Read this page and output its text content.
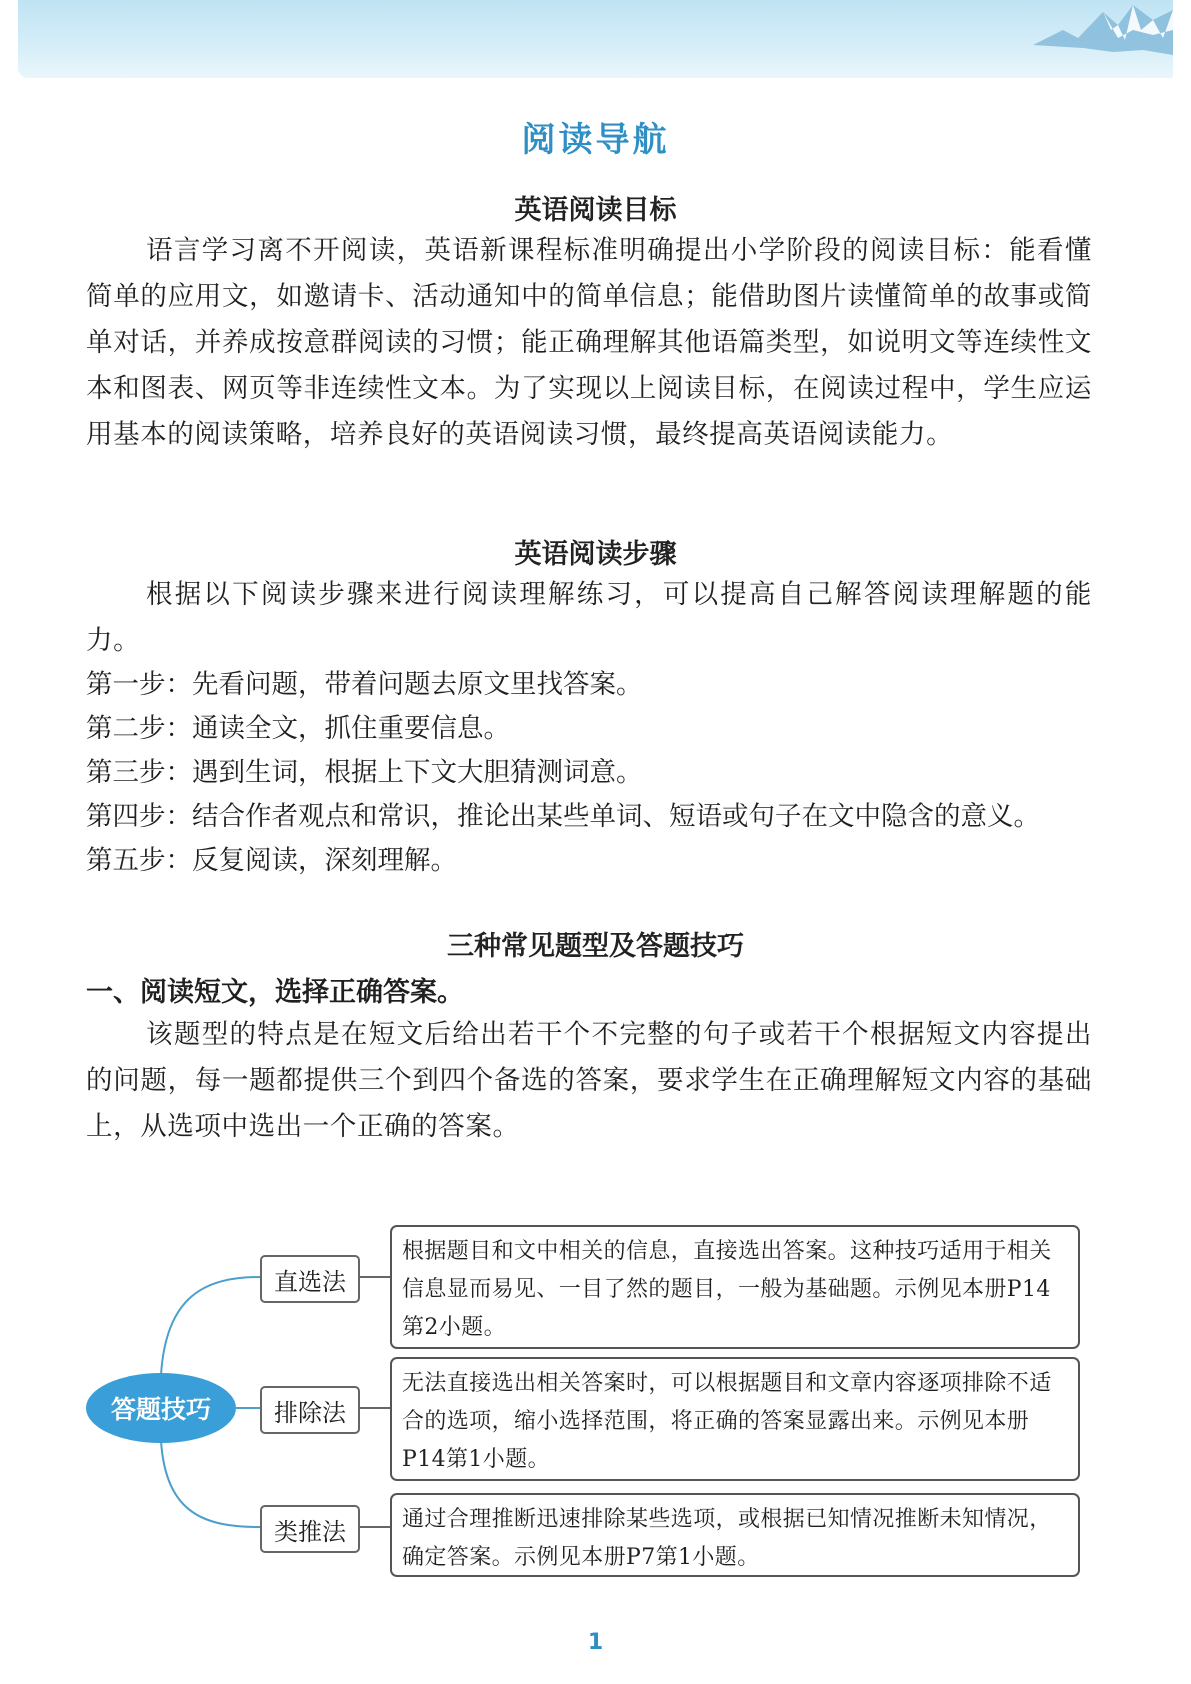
阅读导航
英语阅读目标

语言学习离不开阅读，英语新课程标准明确提出小学阶段的阅读目标：能看懂简单的应用文，如邀请卡、活动通知中的简单信息；能借助图片读懂简单的故事或简单对话，并养成按意群阅读的习惯；能正确理解其他语篇类型，如说明文等连续性文本和图表、网页等非连续性文本。为了实现以上阅读目标，在阅读过程中，学生应运用基本的阅读策略，培养良好的英语阅读习惯，最终提高英语阅读能力。

英语阅读步骤

根据以下阅读步骤来进行阅读理解练习，可以提高自己解答阅读理解题的能力。

第一步：先看问题，带着问题去原文里找答案。

第二步：通读全文，抓住重要信息。

第三步：遇到生词，根据上下文大胆猜测词意。

第四步：结合作者观点和常识，推论出某些单词、短语或句子在文中隐含的意义。

第五步：反复阅读，深刻理解。

三种常见题型及答题技巧
一、阅读短文，选择正确答案。

该题型的特点是在短文后给出若干个不完整的句子或若干个根据短文内容提出的问题，每一题都提供三个到四个备选的答案，要求学生在正确理解短文内容的基础上，从选项中选出一个正确的答案。

答题技巧
直选法
根据题目和文中相关的信息，直接选出答案。这种技巧适用于相关信息显而易见、一目了然的题目，一般为基础题。示例见本册P14第2小题。
排除法
无法直接选出相关答案时，可以根据题目和文章内容逐项排除不适合的选项，缩小选择范围，将正确的答案显露出来。示例见本册P14第1小题。
类推法	通过合理推断迅速排除某些选项，或根据已知情况推断未知情况，确定答案。示例见本册P7第1小题。
1
